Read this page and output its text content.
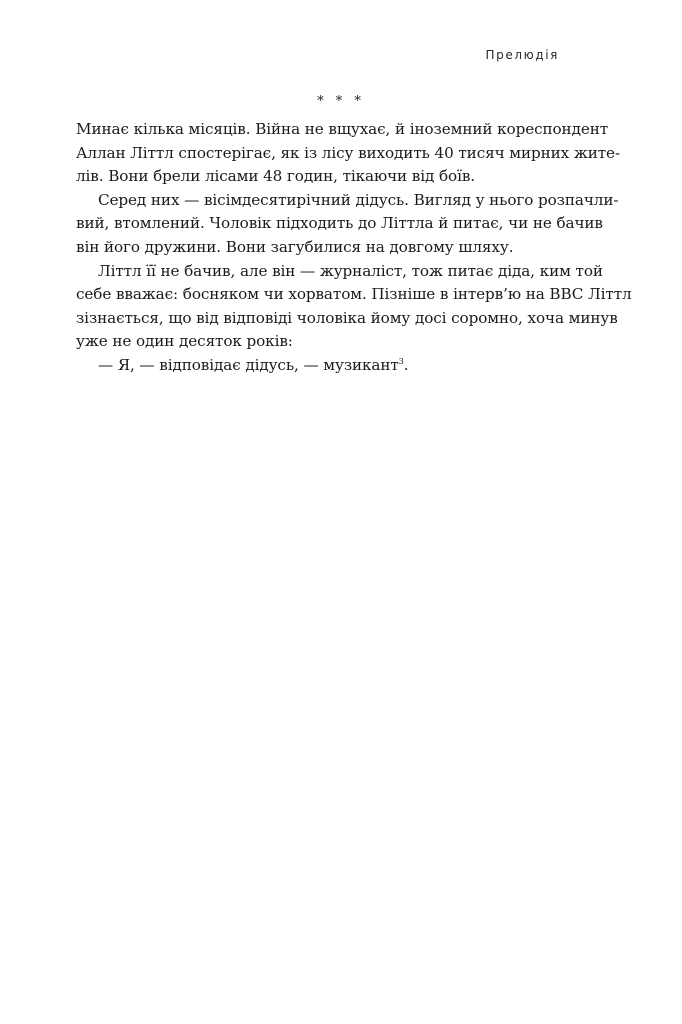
Прелюдія
* * *
Минає кілька місяців. Війна не вщухає, й іноземний кореспондент
Аллан Літтл спостерігає, як із лісу виходить 40 тисяч мирних жите-
лів. Вони брели лісами 48 годин, тікаючи від боїв.
Серед них — вісімдесятирічний дідусь. Вигляд у нього розпачли-
вий, втомлений. Чоловік підходить до Літтла й питає, чи не бачив
він його дружини. Вони загубилися на довгому шляху.
Літтл її не бачив, але він — журналіст, тож питає діда, ким той
себе вважає: босняком чи хорватом. Пізніше в інтерв’ю на BBC Літтл
зізнається, що від відповіді чоловіка йому досі соромно, хоча минув
уже не один десяток років:
— Я, — відповідає дідусь, — музикант$^3$.
